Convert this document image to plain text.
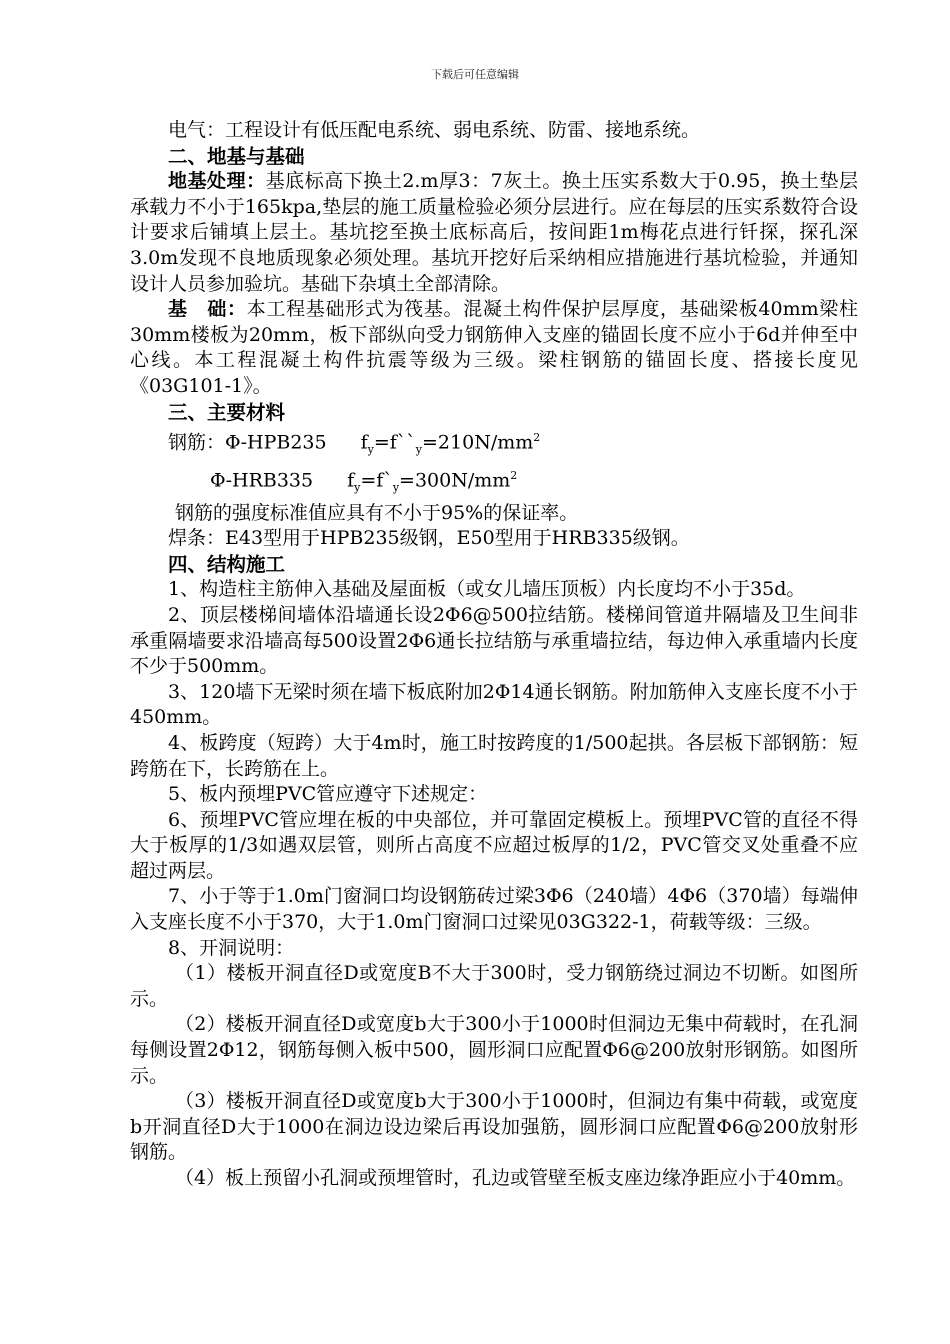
下载后可任意编辑

电气：工程设计有低压配电系统、弱电系统、防雷、接地系统。

二、地基与基础

地基处理：基底标高下换土2.m厚3：7灰土。换土压实系数大于0.95，换土垫层承载力不小于165kpa,垫层的施工质量检验必须分层进行。应在每层的压实系数符合设计要求后铺填上层土。基坑挖至换土底标高后，按间距1m梅花点进行钎探，探孔深3.0m发现不良地质现象必须处理。基坑开挖好后采纳相应措施进行基坑检验，并通知设计人员参加验坑。基础下杂填土全部清除。

基　础：本工程基础形式为筏基。混凝土构件保护层厚度，基础梁板40mm梁柱30mm楼板为20mm，板下部纵向受力钢筋伸入支座的锚固长度不应小于6d并伸至中心线。本工程混凝土构件抗震等级为三级。梁柱钢筋的锚固长度、搭接长度见《03G101-1》。

三、主要材料

钢筋：Φ-HPB235 $f_y=f``_y=210N/mm^2$

Φ-HRB335 $f_y=f`_y=300N/mm^2$

钢筋的强度标准值应具有不小于95%的保证率。

焊条：E43型用于HPB235级钢，E50型用于HRB335级钢。

四、结构施工

1、构造柱主筋伸入基础及屋面板（或女儿墙压顶板）内长度均不小于35d。

2、顶层楼梯间墙体沿墙通长设2Φ6@500拉结筋。楼梯间管道井隔墙及卫生间非承重隔墙要求沿墙高每500设置2Φ6通长拉结筋与承重墙拉结，每边伸入承重墙内长度不少于500mm。

3、120墙下无梁时须在墙下板底附加2Φ14通长钢筋。附加筋伸入支座长度不小于450mm。

4、板跨度（短跨）大于4m时，施工时按跨度的1/500起拱。各层板下部钢筋：短跨筋在下，长跨筋在上。

5、板内预埋PVC管应遵守下述规定：

6、预埋PVC管应埋在板的中央部位，并可靠固定模板上。预埋PVC管的直径不得大于板厚的1/3如遇双层管，则所占高度不应超过板厚的1/2，PVC管交叉处重叠不应超过两层。

7、小于等于1.0m门窗洞口均设钢筋砖过梁3Φ6（240墙）4Φ6（370墙）每端伸入支座长度不小于370，大于1.0m门窗洞口过梁见03G322-1，荷载等级：三级。

8、开洞说明：

（1）楼板开洞直径D或宽度B不大于300时，受力钢筋绕过洞边不切断。如图所示。

（2）楼板开洞直径D或宽度b大于300小于1000时但洞边无集中荷载时，在孔洞每侧设置2Φ12，钢筋每侧入板中500，圆形洞口应配置Φ6@200放射形钢筋。如图所示。

（3）楼板开洞直径D或宽度b大于300小于1000时，但洞边有集中荷载，或宽度b开洞直径D大于1000在洞边设边梁后再设加强筋，圆形洞口应配置Φ6@200放射形钢筋。

（4）板上预留小孔洞或预埋管时，孔边或管壁至板支座边缘净距应小于40mm。
